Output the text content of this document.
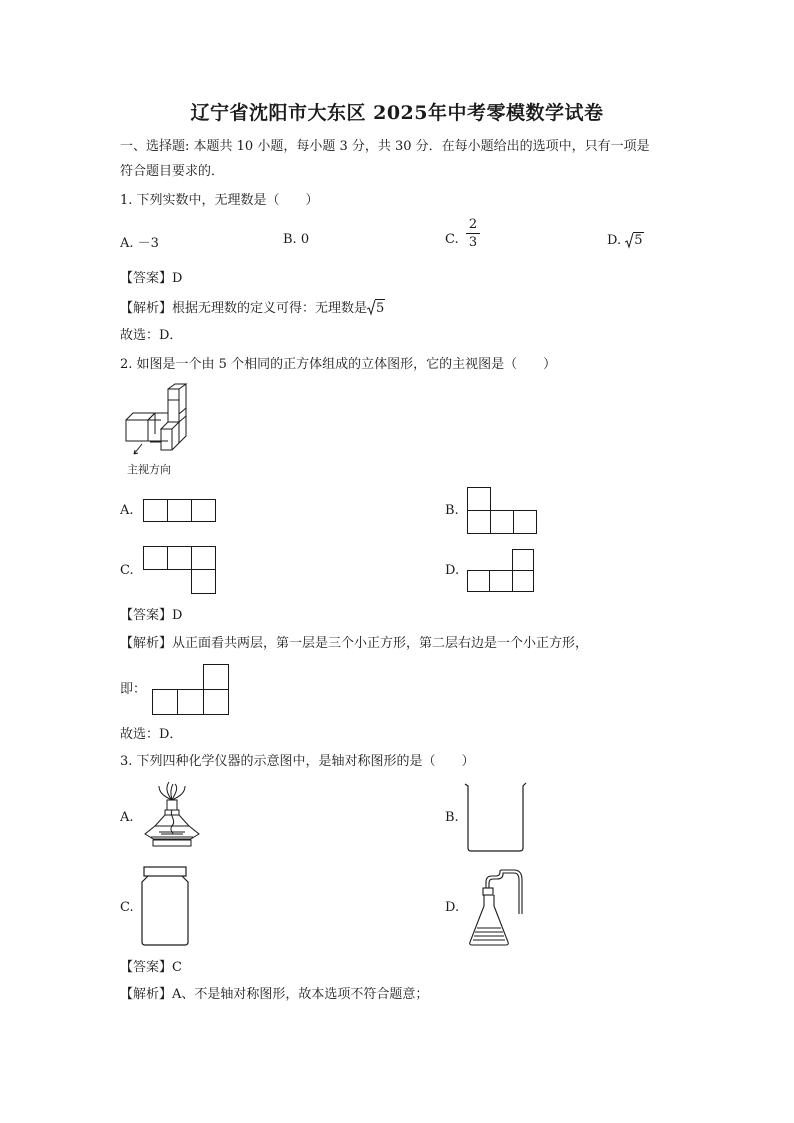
辽宁省沈阳市大东区 2025年中考零模数学试卷
一、选择题: 本题共 10 小题，每小题 3 分，共 30 分．在每小题给出的选项中，只有一项是
符合题目要求的．
1. 下列实数中，无理数是（　　）
A. －3	B. 0	C.
2
3	D. 5
【答案】D
【解析】根据无理数的定义可得：无理数是 5
故选：D．
2. 如图是一个由 5 个相同的正方体组成的立体图形，它的主视图是（　　）
主视方向
A.	B.
C.	D.
【答案】D
【解析】从正面看共两层，第一层是三个小正方形，第二层右边是一个小正方形，
即：
故选：D．
3. 下列四种化学仪器的示意图中，是轴对称图形的是（　　）
A.	B.
C.	D.
【答案】C
【解析】A、不是轴对称图形，故本选项不符合题意；
